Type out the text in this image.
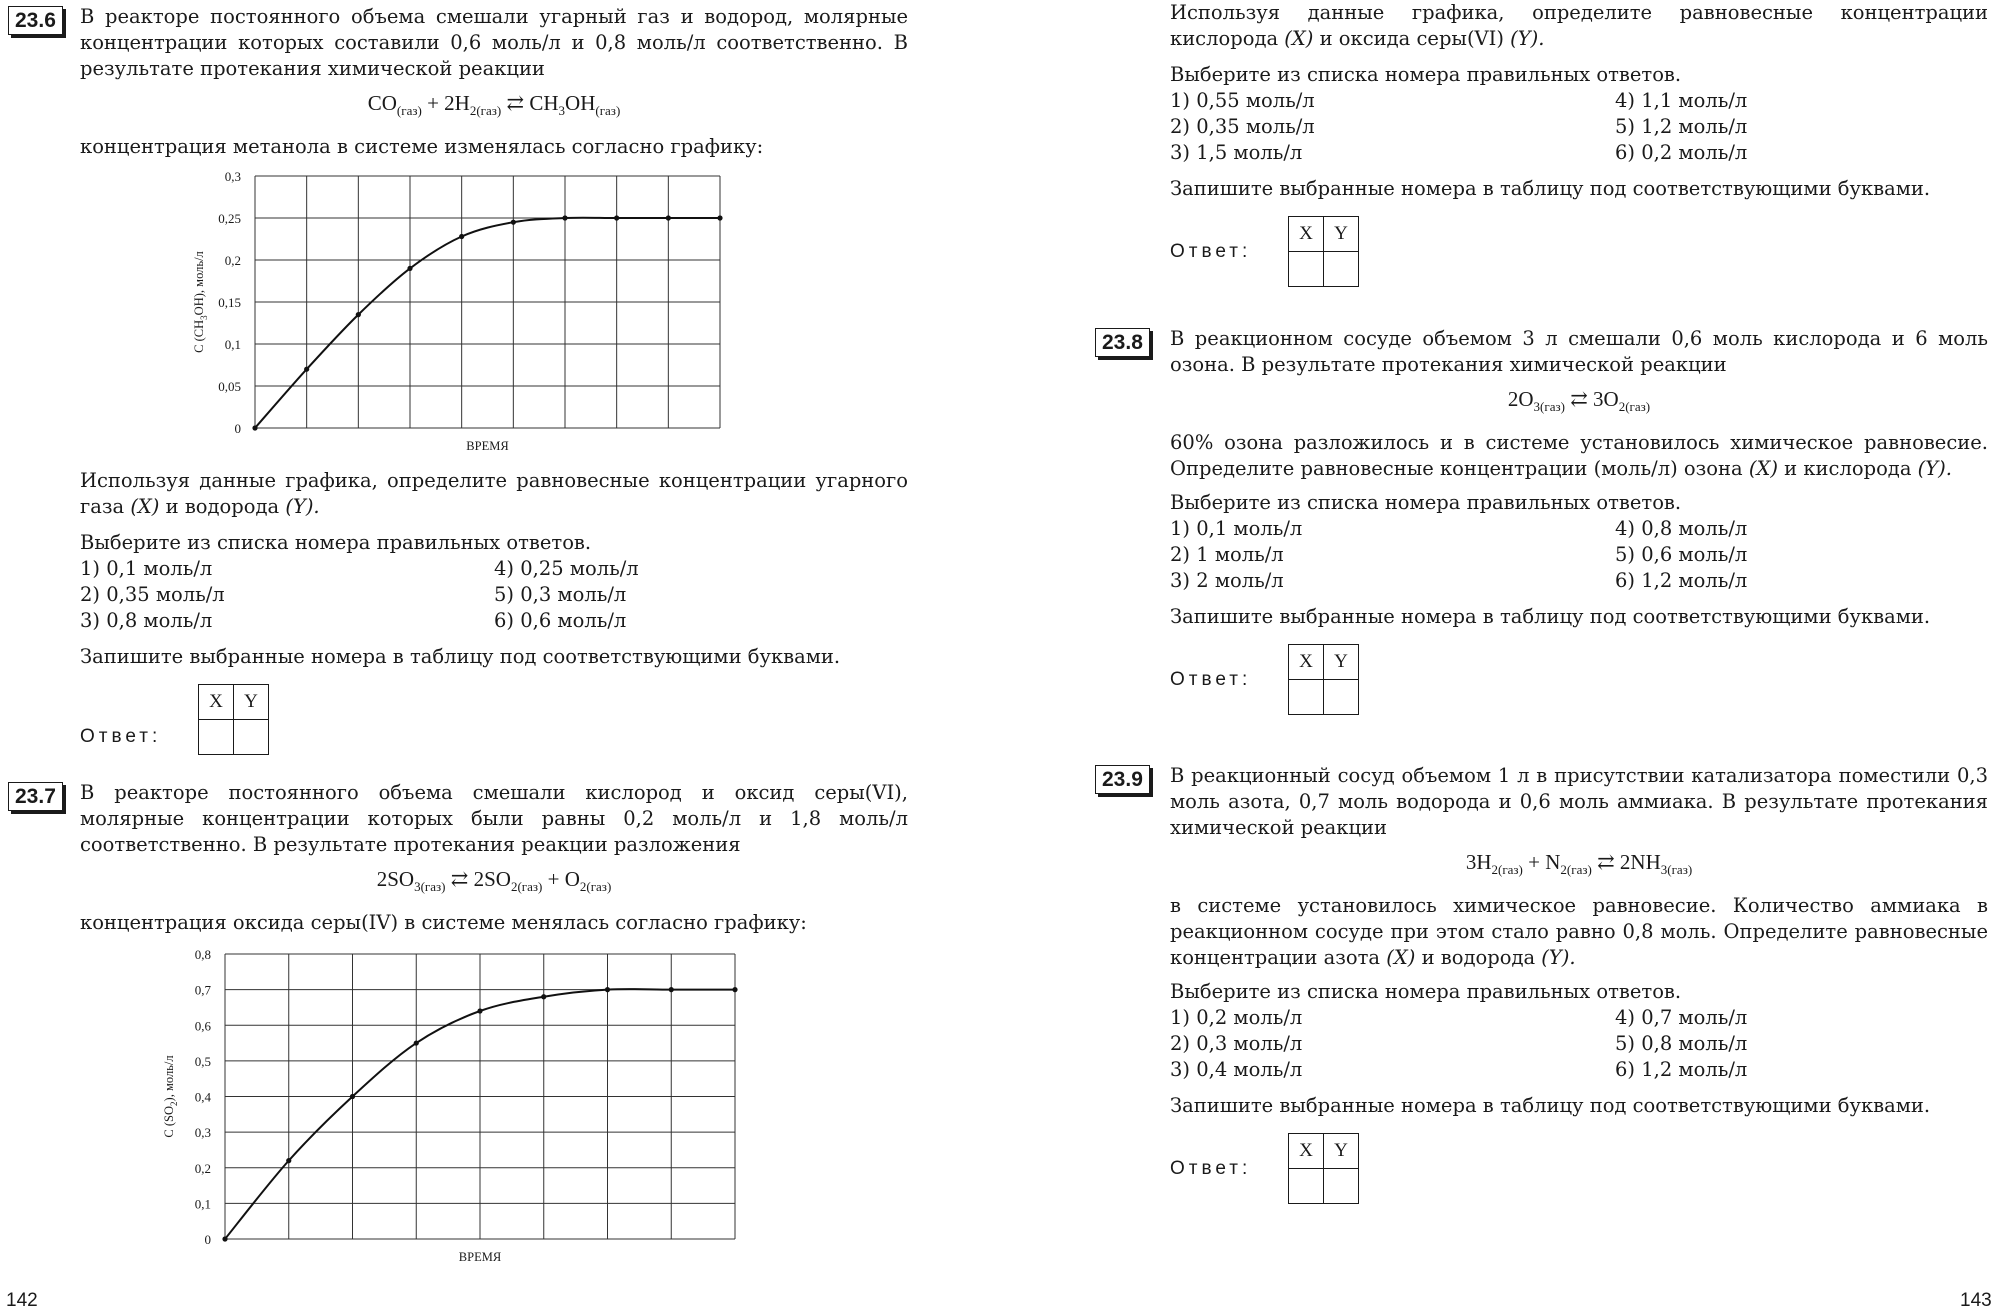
23.6	В реакторе постоянного объема смешали угарный газ и водород, молярные концентрации которых составили 0,6 моль/л и 0,8 моль/л соответственно. В результате протекания химической реакции

$CO_{(газ)} + 2H_{2(газ)}$ ⇄ $CH_3OH_{(газ)}$

концентрация метанола в системе изменялась согласно графику:

0
0,05
0,1
0,15
0,2
0,25
0,3
ВРЕМЯ
C $(CH_3OH)$, моль/л

Используя данные графика, определите равновесные концентрации угарного газа (X) и водорода (Y).

Выберите из списка номера правильных ответов.

1) 0,1 моль/л	4) 0,25 моль/л
2) 0,35 моль/л	5) 0,3 моль/л
3) 0,8 моль/л	6) 0,6 моль/л

Запишите выбранные номера в таблицу под соответствующими буквами.

Ответ:
X	Y

23.7	В реакторе постоянного объема смешали кислород и оксид серы(VI), молярные концентрации которых были равны 0,2 моль/л и 1,8 моль/л соответственно. В результате протекания реакции разложения

$2SO_{3(газ)}$ ⇄ $2SO_{2(газ)} + O_{2(газ)}$

концентрация оксида серы(IV) в системе менялась согласно графику:

0
0,1
0,2
0,3
0,4
0,5
0,6
0,7
0,8
ВРЕМЯ
C $(SO_2)$, моль/л
142

Используя данные графика, определите равновесные концентрации кислорода (X) и оксида серы(VI) (Y).

Выберите из списка номера правильных ответов.

1) 0,55 моль/л	4) 1,1 моль/л
2) 0,35 моль/л	5) 1,2 моль/л
3) 1,5 моль/л	6) 0,2 моль/л

Запишите выбранные номера в таблицу под соответствующими буквами.

Ответ:
X	Y

23.8	В реакционном сосуде объемом 3 л смешали 0,6 моль кислорода и 6 моль озона. В результате протекания химической реакции

$2O_{3(газ)}$ ⇄ $3O_{2(газ)}$

60% озона разложилось и в системе установилось химическое равновесие. Определите равновесные концентрации (моль/л) озона (X) и кислорода (Y).

Выберите из списка номера правильных ответов.

1) 0,1 моль/л	4) 0,8 моль/л
2) 1 моль/л	5) 0,6 моль/л
3) 2 моль/л	6) 1,2 моль/л

Запишите выбранные номера в таблицу под соответствующими буквами.

Ответ:
X	Y

23.9	В реакционный сосуд объемом 1 л в присутствии катализатора поместили 0,3 моль азота, 0,7 моль водорода и 0,6 моль аммиака. В результате протекания химической реакции

$3H_{2(газ)} + N_{2(газ)}$ ⇄ $2NH_{3(газ)}$

в системе установилось химическое равновесие. Количество аммиака в реакционном сосуде при этом стало равно 0,8 моль. Определите равновесные концентрации азота (X) и водорода (Y).

Выберите из списка номера правильных ответов.

1) 0,2 моль/л	4) 0,7 моль/л
2) 0,3 моль/л	5) 0,8 моль/л
3) 0,4 моль/л	6) 1,2 моль/л

Запишите выбранные номера в таблицу под соответствующими буквами.

Ответ:
X	Y

143
